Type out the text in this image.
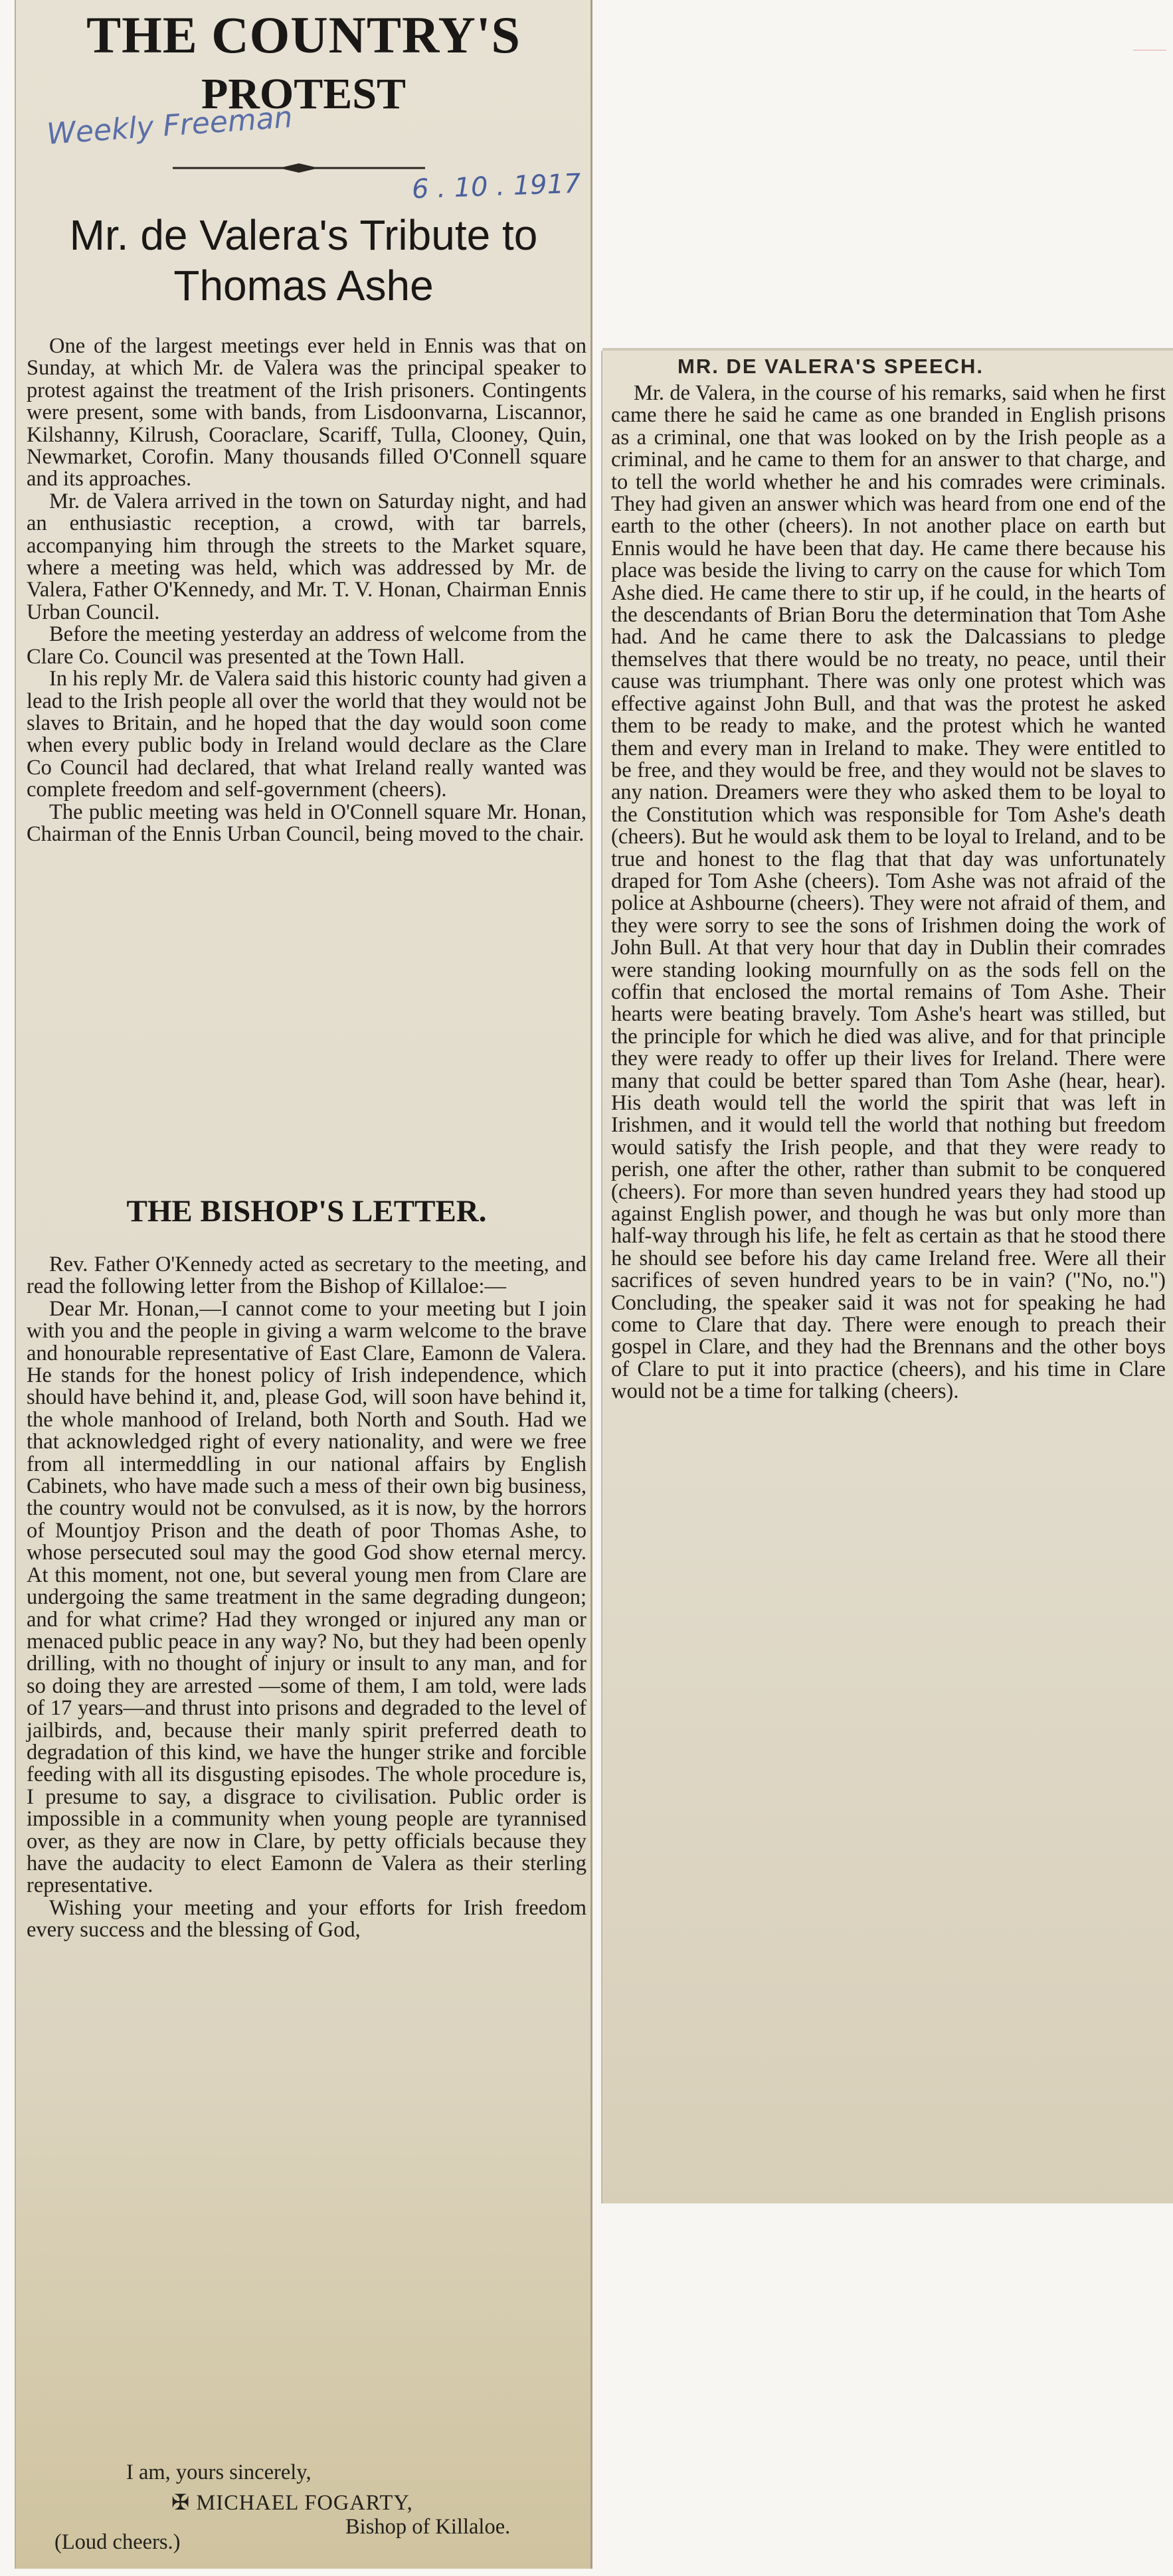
THE COUNTRY'S
PROTEST
Weekly Freeman
6 . 10 . 1917
Mr. de Valera's Tribute to
Thomas Ashe

One of the largest meetings ever held in Ennis was that on Sunday, at which Mr. de Valera was the principal speaker to protest against the treatment of the Irish prisoners. Contingents were present, some with bands, from Lisdoonvarna, Liscannor, Kilshanny, Kilrush, Cooraclare, Scariff, Tulla, Clooney, Quin, Newmarket, Corofin. Many thousands filled O'Connell square and its approaches.

Mr. de Valera arrived in the town on Saturday night, and had an enthusiastic reception, a crowd, with tar barrels, accompanying him through the streets to the Market square, where a meeting was held, which was addressed by Mr. de Valera, Father O'Kennedy, and Mr. T. V. Honan, Chairman Ennis Urban Council.

Before the meeting yesterday an address of welcome from the Clare Co. Council was presented at the Town Hall.

In his reply Mr. de Valera said this historic county had given a lead to the Irish people all over the world that they would not be slaves to Britain, and he hoped that the day would soon come when every public body in Ireland would declare as the Clare Co Council had declared, that what Ireland really wanted was complete freedom and self-government (cheers).

The public meeting was held in O'Connell square Mr. Honan, Chairman of the Ennis Urban Council, being moved to the chair.

THE BISHOP'S LETTER.

Rev. Father O'Kennedy acted as secretary to the meeting, and read the following letter from the Bishop of Killaloe:—

Dear Mr. Honan,—I cannot come to your meeting but I join with you and the people in giving a warm welcome to the brave and honourable representative of East Clare, Eamonn de Valera. He stands for the honest policy of Irish independence, which should have behind it, and, please God, will soon have behind it, the whole manhood of Ireland, both North and South. Had we that acknowledged right of every nationality, and were we free from all intermeddling in our national affairs by English Cabinets, who have made such a mess of their own big business, the country would not be convulsed, as it is now, by the horrors of Mountjoy Prison and the death of poor Thomas Ashe, to whose persecuted soul may the good God show eternal mercy. At this moment, not one, but several young men from Clare are undergoing the same treatment in the same degrading dungeon; and for what crime? Had they wronged or injured any man or menaced public peace in any way? No, but they had been openly drilling, with no thought of injury or insult to any man, and for so doing they are arrested —some of them, I am told, were lads of 17 years—and thrust into prisons and degraded to the level of jailbirds, and, because their manly spirit preferred death to degradation of this kind, we have the hunger strike and forcible feeding with all its disgusting episodes. The whole procedure is, I presume to say, a disgrace to civilisation. Public order is impossible in a community when young people are tyrannised over, as they are now in Clare, by petty officials because they have the audacity to elect Eamonn de Valera as their sterling representative.

Wishing your meeting and your efforts for Irish freedom every success and the blessing of God,

I am, yours sincerely,
✠ MICHAEL FOGARTY,
Bishop of Killaloe.
(Loud cheers.)
MR. DE VALERA'S SPEECH.

Mr. de Valera, in the course of his remarks, said when he first came there he said he came as one branded in English prisons as a criminal, one that was looked on by the Irish people as a criminal, and he came to them for an answer to that charge, and to tell the world whether he and his comrades were criminals. They had given an answer which was heard from one end of the earth to the other (cheers). In not another place on earth but Ennis would he have been that day. He came there because his place was beside the living to carry on the cause for which Tom Ashe died. He came there to stir up, if he could, in the hearts of the descendants of Brian Boru the determination that Tom Ashe had. And he came there to ask the Dalcassians to pledge themselves that there would be no treaty, no peace, until their cause was triumphant. There was only one protest which was effective against John Bull, and that was the protest he asked them to be ready to make, and the protest which he wanted them and every man in Ireland to make. They were entitled to be free, and they would be free, and they would not be slaves to any nation. Dreamers were they who asked them to be loyal to the Constitution which was responsible for Tom Ashe's death (cheers). But he would ask them to be loyal to Ireland, and to be true and honest to the flag that that day was unfortunately draped for Tom Ashe (cheers). Tom Ashe was not afraid of the police at Ashbourne (cheers). They were not afraid of them, and they were sorry to see the sons of Irishmen doing the work of John Bull. At that very hour that day in Dublin their comrades were standing looking mournfully on as the sods fell on the coffin that enclosed the mortal remains of Tom Ashe. Their hearts were beating bravely. Tom Ashe's heart was stilled, but the principle for which he died was alive, and for that principle they were ready to offer up their lives for Ireland. There were many that could be better spared than Tom Ashe (hear, hear). His death would tell the world the spirit that was left in Irishmen, and it would tell the world that nothing but freedom would satisfy the Irish people, and that they were ready to perish, one after the other, rather than submit to be conquered (cheers). For more than seven hundred years they had stood up against English power, and though he was but only more than half-way through his life, he felt as certain as that he stood there he should see before his day came Ireland free. Were all their sacrifices of seven hundred years to be in vain? ("No, no.") Concluding, the speaker said it was not for speaking he had come to Clare that day. There were enough to preach their gospel in Clare, and they had the Brennans and the other boys of Clare to put it into practice (cheers), and his time in Clare would not be a time for talking (cheers).
